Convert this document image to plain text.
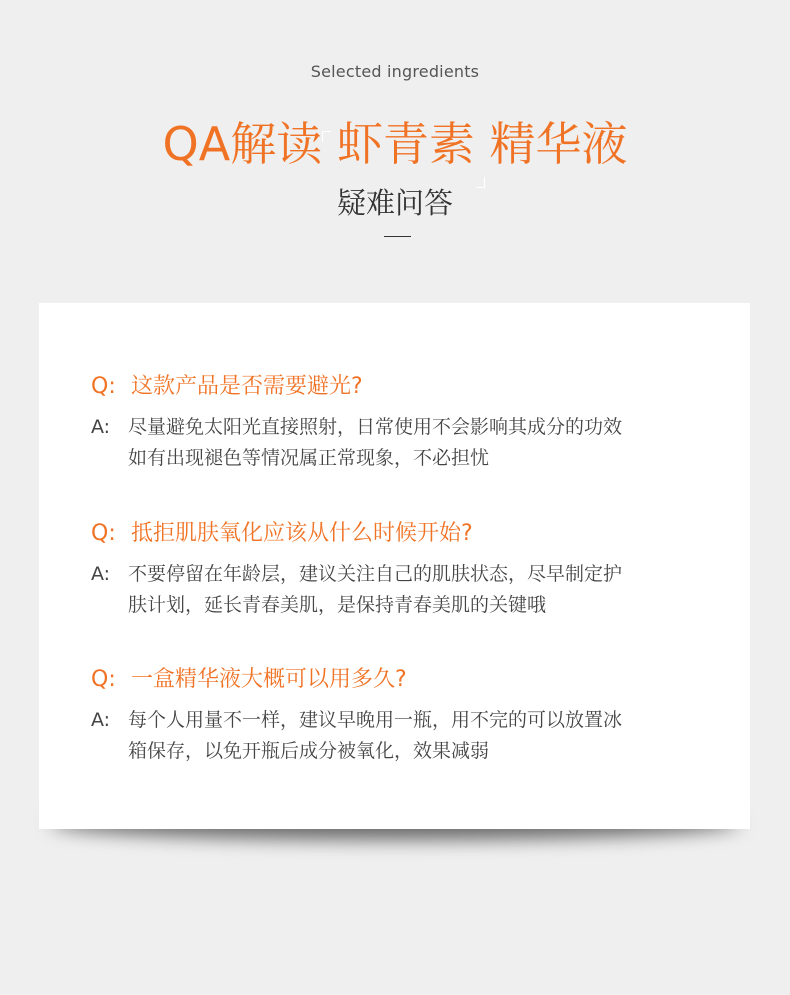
Selected ingredients
QA解读 虾青素 精华液
疑难问答
Q: 这款产品是否需要避光?
A: 尽量避免太阳光直接照射，日常使用不会影响其成分的功效
如有出现褪色等情况属正常现象，不必担忧
Q: 抵拒肌肤氧化应该从什么时候开始?
A: 不要停留在年龄层，建议关注自己的肌肤状态，尽早制定护
肤计划，延长青春美肌，是保持青春美肌的关键哦
Q: 一盒精华液大概可以用多久?
A: 每个人用量不一样，建议早晚用一瓶，用不完的可以放置冰
箱保存，以免开瓶后成分被氧化，效果减弱
